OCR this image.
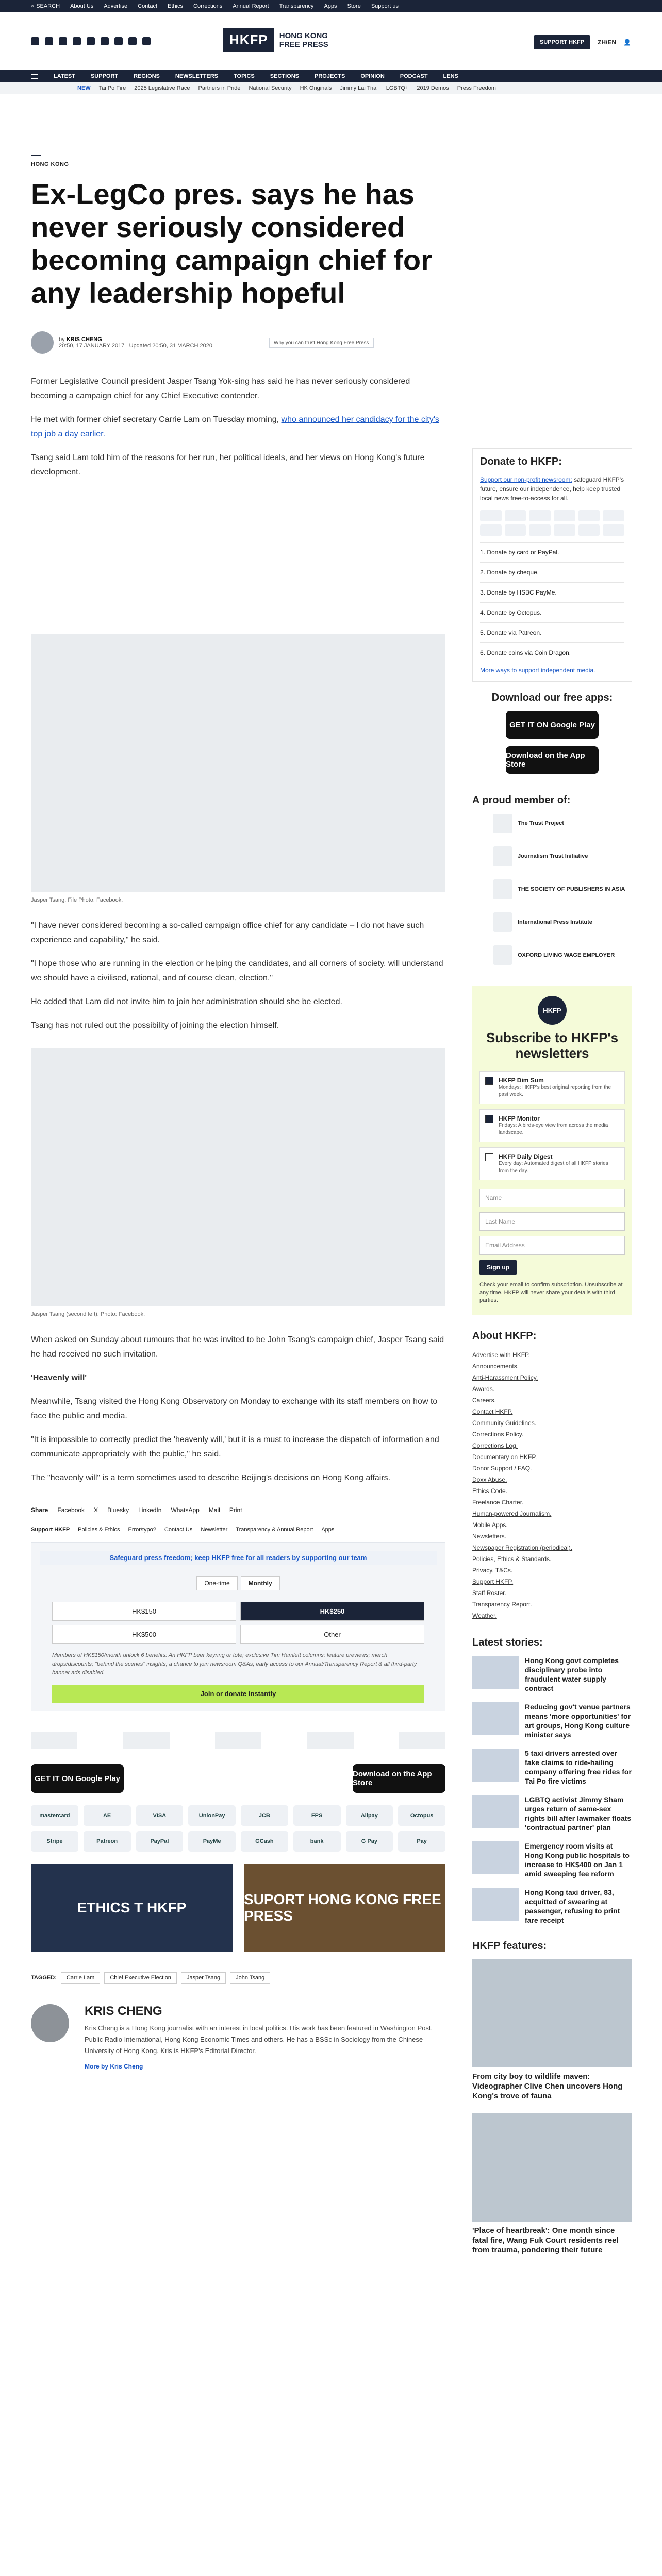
⌕ SEARCH About Us Advertise Contact Ethics Corrections Annual Report Transparency Apps Store Support us
HKFP	HONG KONG
FREE PRESS	SUPPORT HKFP	ZH/EN 👤
LATEST	SUPPORT	REGIONS	NEWSLETTERS	TOPICS	SECTIONS	PROJECTS	OPINION	PODCAST	LENS
NEW Tai Po Fire 2025 Legislative Race Partners in Pride National Security HK Originals Jimmy Lai Trial LGBTQ+ 2019 Demos Press Freedom
HONG KONG
Ex-LegCo pres. says he has never seriously considered becoming campaign chief for any leadership hopeful
by KRIS CHENG
20:50, 17 JANUARY 2017 Updated 20:50, 31 MARCH 2020	Why you can trust Hong Kong Free Press

Former Legislative Council president Jasper Tsang Yok-sing has said he has never seriously considered becoming a campaign chief for any Chief Executive contender.

He met with former chief secretary Carrie Lam on Tuesday morning, who announced her candidacy for the city's top job a day earlier.

Tsang said Lam told him of the reasons for her run, her political ideals, and her views on Hong Kong's future development.

Jasper Tsang. File Photo: Facebook.

"I have never considered becoming a so-called campaign office chief for any candidate – I do not have such experience and capability," he said.

"I hope those who are running in the election or helping the candidates, and all corners of society, will understand we should have a civilised, rational, and of course clean, election."

He added that Lam did not invite him to join her administration should she be elected.

Tsang has not ruled out the possibility of joining the election himself.

Jasper Tsang (second left). Photo: Facebook.

When asked on Sunday about rumours that he was invited to be John Tsang's campaign chief, Jasper Tsang said he had received no such invitation.

'Heavenly will'

Meanwhile, Tsang visited the Hong Kong Observatory on Monday to exchange with its staff members on how to face the public and media.

"It is impossible to correctly predict the 'heavenly will,' but it is a must to increase the dispatch of information and communicate appropriately with the public," he said.

The "heavenly will" is a term sometimes used to describe Beijing's decisions on Hong Kong affairs.

Share Facebook X Bluesky LinkedIn WhatsApp Mail Print
Support HKFP Policies & Ethics Error/typo? Contact Us Newsletter Transparency & Annual Report Apps
Safeguard press freedom; keep HKFP free for all readers by supporting our team
One-time	Monthly
HK$150	HK$250
HK$500	Other
Members of HK$150/month unlock 6 benefits: An HKFP beer keyring or tote; exclusive Tim Hamlett columns; feature previews; merch drops/discounts; "behind the scenes" insights; a chance to join newsroom Q&As; early access to our Annual/Transparency Report & all third-party banner ads disabled.
Join or donate instantly
GET IT ON Google Play	Download on the App Store
mastercard	AE	VISA	UnionPay	JCB	FPS	Alipay	Octopus
Stripe	Patreon	PayPal	PayMe	GCash	bank	G Pay	Pay
ETHICS T HKFP
SUPORT HONG KONG FREE PRESS
TAGGED:	Carrie Lam	Chief Executive Election	Jasper Tsang	John Tsang
KRIS CHENG

Kris Cheng is a Hong Kong journalist with an interest in local politics. His work has been featured in Washington Post, Public Radio International, Hong Kong Economic Times and others. He has a BSSc in Sociology from the Chinese University of Hong Kong. Kris is HKFP's Editorial Director.

More by Kris Cheng
Donate to HKFP:
Support our non-profit newsroom: safeguard HKFP's future, ensure our independence, help keep trusted local news free-to-access for all.
1. Donate by card or PayPal.
2. Donate by cheque.
3. Donate by HSBC PayMe.
4. Donate by Octopus.
5. Donate via Patreon.
6. Donate coins via Coin Dragon.
More ways to support independent media.
Download our free apps:
GET IT ON Google Play
Download on the App Store
A proud member of:
The Trust Project
Journalism Trust Initiative
THE SOCIETY OF PUBLISHERS IN ASIA
International Press Institute
OXFORD LIVING WAGE EMPLOYER
HKFP
Subscribe to HKFP's newsletters
HKFP Dim Sum
Mondays: HKFP's best original reporting from the past week.
HKFP Monitor
Fridays: A birds-eye view from across the media landscape.
HKFP Daily Digest
Every day: Automated digest of all HKFP stories from the day.
Name
Last Name
Email Address
Sign up
Check your email to confirm subscription. Unsubscribe at any time. HKFP will never share your details with third parties.
About HKFP:
Advertise with HKFP.
Announcements.
Anti-Harassment Policy.
Awards.
Careers.
Contact HKFP.
Community Guidelines.
Corrections Policy.
Corrections Log.
Documentary on HKFP.
Donor Support / FAQ.
Doxx Abuse.
Ethics Code.
Freelance Charter.
Human-powered Journalism.
Mobile Apps.
Newsletters.
Newspaper Registration (periodical).
Policies, Ethics & Standards.
Privacy, T&Cs.
Support HKFP.
Staff Roster.
Transparency Report.
Weather.
Latest stories:
Hong Kong govt completes disciplinary probe into fraudulent water supply contract
Reducing gov't venue partners means 'more opportunities' for art groups, Hong Kong culture minister says
5 taxi drivers arrested over fake claims to ride-hailing company offering free rides for Tai Po fire victims
LGBTQ activist Jimmy Sham urges return of same-sex rights bill after lawmaker floats 'contractual partner' plan
Emergency room visits at Hong Kong public hospitals to increase to HK$400 on Jan 1 amid sweeping fee reform
Hong Kong taxi driver, 83, acquitted of swearing at passenger, refusing to print fare receipt
HKFP features:
From city boy to wildlife maven: Videographer Clive Chen uncovers Hong Kong's trove of fauna
'Place of heartbreak': One month since fatal fire, Wang Fuk Court residents reel from trauma, pondering their future
